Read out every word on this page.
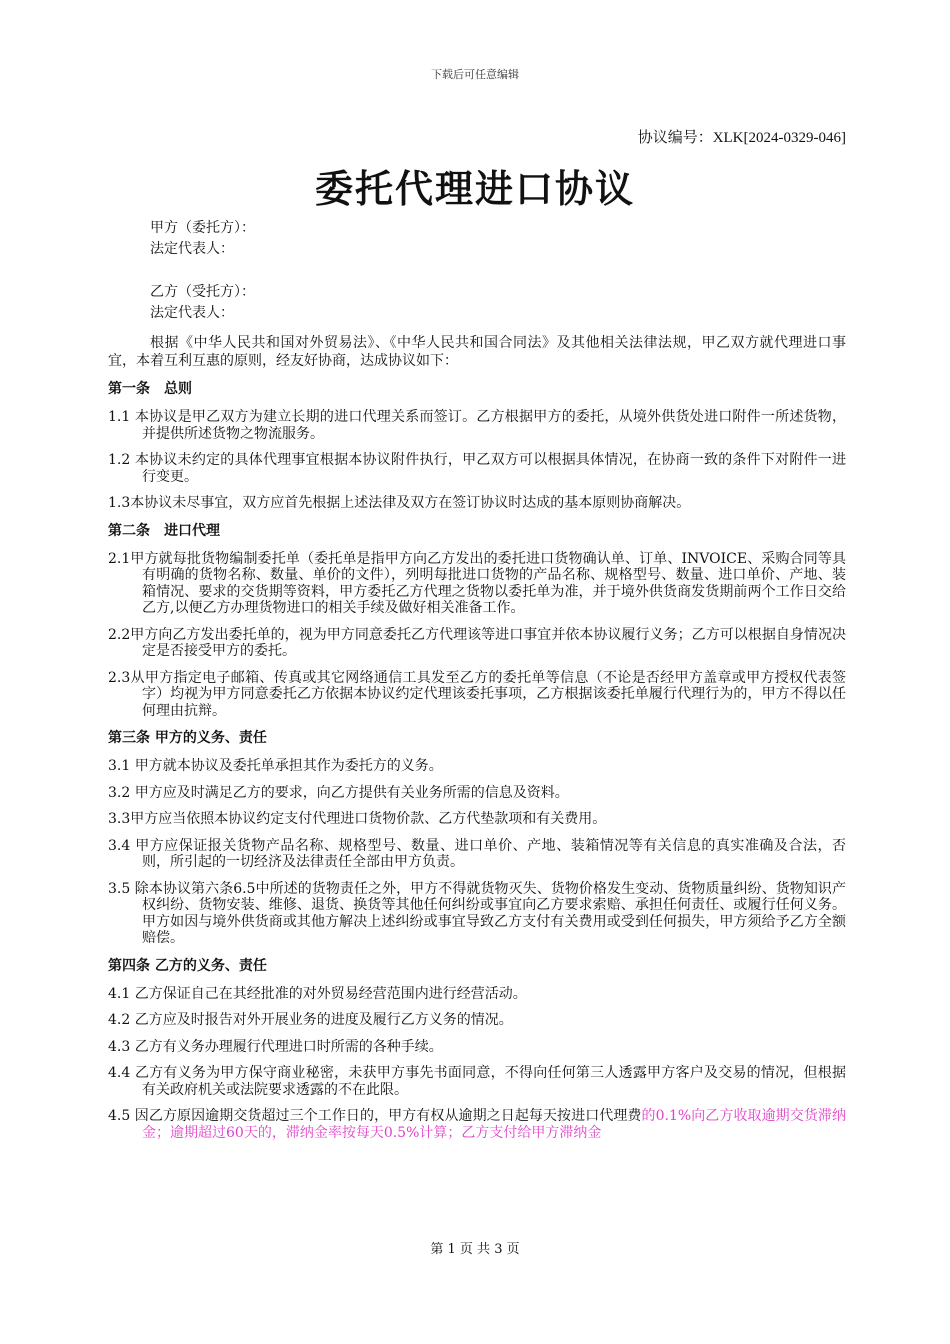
下载后可任意编辑
协议编号：XLK[2024-0329-046]
委托代理进口协议
甲方（委托方）：
法定代表人：
乙方（受托方）：
法定代表人：

根据《中华人民共和国对外贸易法》、《中华人民共和国合同法》及其他相关法律法规，甲乙双方就代理进口事宜，本着互利互惠的原则，经友好协商，达成协议如下：

第一条　总则

1.1 本协议是甲乙双方为建立长期的进口代理关系而签订。乙方根据甲方的委托，从境外供货处进口附件一所述货物，并提供所述货物之物流服务。

1.2 本协议未约定的具体代理事宜根据本协议附件执行，甲乙双方可以根据具体情况，在协商一致的条件下对附件一进行变更。

1.3本协议未尽事宜，双方应首先根据上述法律及双方在签订协议时达成的基本原则协商解决。

第二条　进口代理

2.1甲方就每批货物编制委托单（委托单是指甲方向乙方发出的委托进口货物确认单、订单、INVOICE、采购合同等具有明确的货物名称、数量、单价的文件），列明每批进口货物的产品名称、规格型号、数量、进口单价、产地、装箱情况、要求的交货期等资料，甲方委托乙方代理之货物以委托单为准，并于境外供货商发货期前两个工作日交给乙方,以便乙方办理货物进口的相关手续及做好相关准备工作。

2.2甲方向乙方发出委托单的，视为甲方同意委托乙方代理该等进口事宜并依本协议履行义务；乙方可以根据自身情况决定是否接受甲方的委托。

2.3从甲方指定电子邮箱、传真或其它网络通信工具发至乙方的委托单等信息（不论是否经甲方盖章或甲方授权代表签字）均视为甲方同意委托乙方依据本协议约定代理该委托事项，乙方根据该委托单履行代理行为的，甲方不得以任何理由抗辩。

第三条 甲方的义务、责任

3.1 甲方就本协议及委托单承担其作为委托方的义务。

3.2 甲方应及时满足乙方的要求，向乙方提供有关业务所需的信息及资料。

3.3甲方应当依照本协议约定支付代理进口货物价款、乙方代垫款项和有关费用。

3.4 甲方应保证报关货物产品名称、规格型号、数量、进口单价、产地、装箱情况等有关信息的真实准确及合法，否则，所引起的一切经济及法律责任全部由甲方负责。

3.5 除本协议第六条6.5中所述的货物责任之外，甲方不得就货物灭失、货物价格发生变动、货物质量纠纷、货物知识产权纠纷、货物安装、维修、退货、换货等其他任何纠纷或事宜向乙方要求索赔、承担任何责任、或履行任何义务。甲方如因与境外供货商或其他方解决上述纠纷或事宜导致乙方支付有关费用或受到任何损失，甲方须给予乙方全额赔偿。

第四条 乙方的义务、责任

4.1 乙方保证自己在其经批准的对外贸易经营范围内进行经营活动。

4.2 乙方应及时报告对外开展业务的进度及履行乙方义务的情况。

4.3 乙方有义务办理履行代理进口时所需的各种手续。

4.4 乙方有义务为甲方保守商业秘密，未获甲方事先书面同意，不得向任何第三人透露甲方客户及交易的情况，但根据有关政府机关或法院要求透露的不在此限。

4.5 因乙方原因逾期交货超过三个工作日的，甲方有权从逾期之日起每天按进口代理费的0.1%向乙方收取逾期交货滞纳金；逾期超过60天的，滞纳金率按每天0.5%计算；乙方支付给甲方滞纳金

第 1 页 共 3 页
